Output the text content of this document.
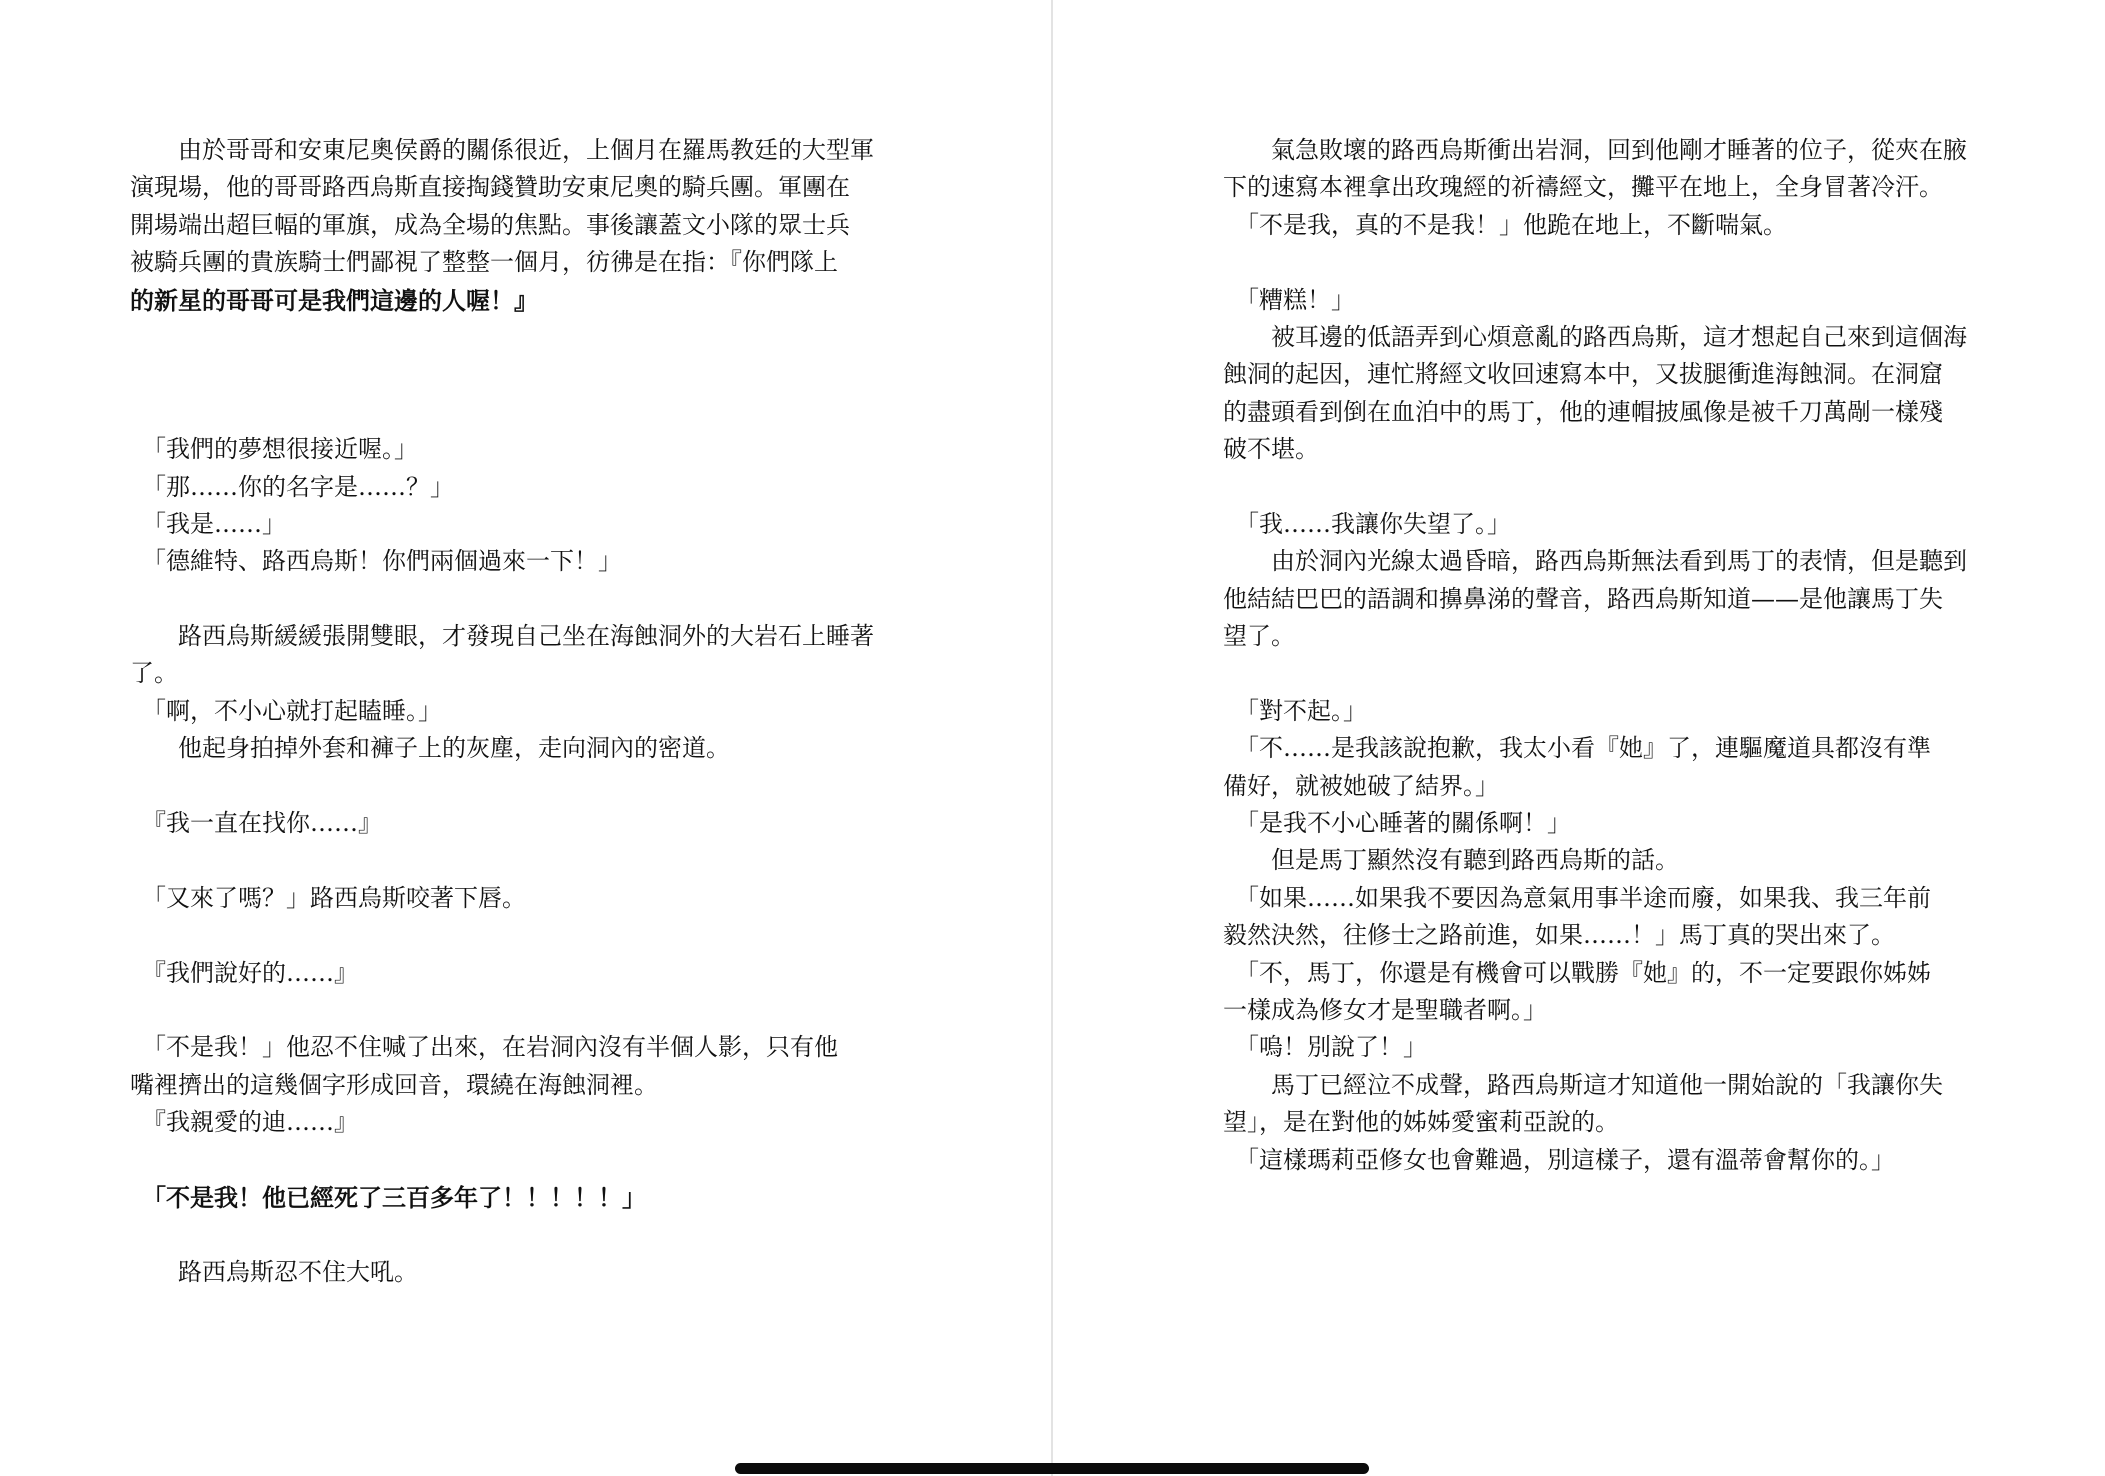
　　由於哥哥和安東尼奧侯爵的關係很近，上個月在羅馬教廷的大型軍
演現場，他的哥哥路西烏斯直接掏錢贊助安東尼奧的騎兵團。軍團在
開場端出超巨幅的軍旗，成為全場的焦點。事後讓蓋文小隊的眾士兵
被騎兵團的貴族騎士們鄙視了整整一個月，彷彿是在指：『你們隊上
的新星的哥哥可是我們這邊的人喔！』
　「我們的夢想很接近喔。」
　「那……你的名字是……？」
　「我是……」
　「德維特、路西烏斯！你們兩個過來一下！」
　　路西烏斯緩緩張開雙眼，才發現自己坐在海蝕洞外的大岩石上睡著
了。
　「啊，不小心就打起瞌睡。」
　　他起身拍掉外套和褲子上的灰塵，走向洞內的密道。
　『我一直在找你……』
　「又來了嗎？」路西烏斯咬著下唇。
　『我們說好的……』
　「不是我！」他忍不住喊了出來，在岩洞內沒有半個人影，只有他
嘴裡擠出的這幾個字形成回音，環繞在海蝕洞裡。
　『我親愛的迪……』
　「不是我！他已經死了三百多年了！！！！！」
　　路西烏斯忍不住大吼。
　　氣急敗壞的路西烏斯衝出岩洞，回到他剛才睡著的位子，從夾在腋
下的速寫本裡拿出玫瑰經的祈禱經文，攤平在地上，全身冒著冷汗。
　「不是我，真的不是我！」他跪在地上，不斷喘氣。
　「糟糕！」
　　被耳邊的低語弄到心煩意亂的路西烏斯，這才想起自己來到這個海
蝕洞的起因，連忙將經文收回速寫本中，又拔腿衝進海蝕洞。在洞窟
的盡頭看到倒在血泊中的馬丁，他的連帽披風像是被千刀萬剮一樣殘
破不堪。
　「我……我讓你失望了。」
　　由於洞內光線太過昏暗，路西烏斯無法看到馬丁的表情，但是聽到
他結結巴巴的語調和擤鼻涕的聲音，路西烏斯知道——是他讓馬丁失
望了。
　「對不起。」
　「不……是我該說抱歉，我太小看『她』了，連驅魔道具都沒有準
備好，就被她破了結界。」
　「是我不小心睡著的關係啊！」
　　但是馬丁顯然沒有聽到路西烏斯的話。
　「如果……如果我不要因為意氣用事半途而廢，如果我、我三年前
毅然決然，往修士之路前進，如果……！」馬丁真的哭出來了。
　「不，馬丁，你還是有機會可以戰勝『她』的，不一定要跟你姊姊
一樣成為修女才是聖職者啊。」
　「嗚！別說了！」
　　馬丁已經泣不成聲，路西烏斯這才知道他一開始說的「我讓你失
望」，是在對他的姊姊愛蜜莉亞說的。
　「這樣瑪莉亞修女也會難過，別這樣子，還有溫蒂會幫你的。」
